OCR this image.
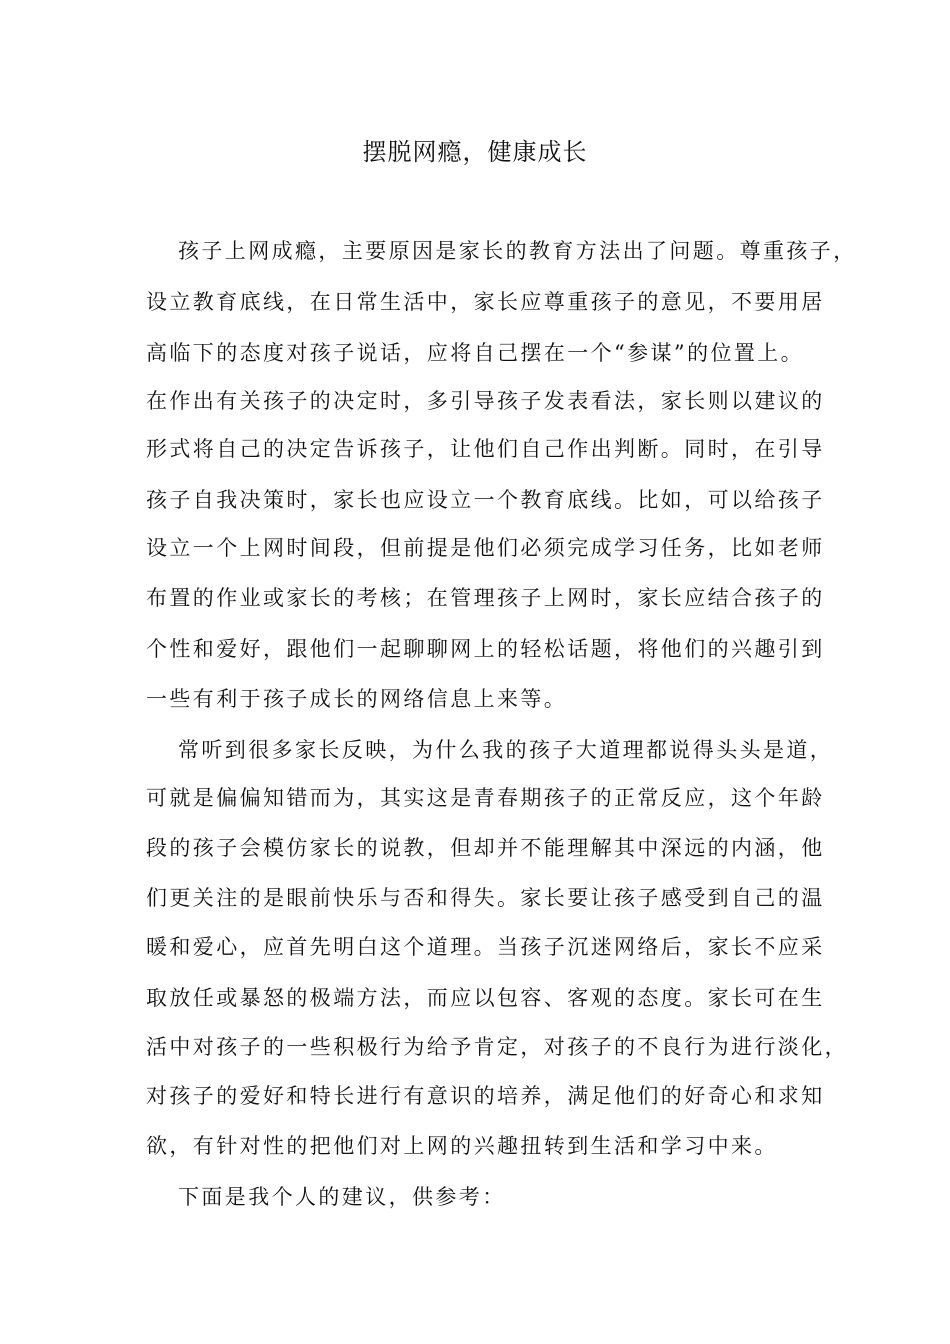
摆脱网瘾，健康成长
孩子上网成瘾，主要原因是家长的教育方法出了问题。尊重孩子，
设立教育底线，在日常生活中，家长应尊重孩子的意见，不要用居
高临下的态度对孩子说话，应将自己摆在一个“参谋”的位置上。
在作出有关孩子的决定时，多引导孩子发表看法，家长则以建议的
形式将自己的决定告诉孩子，让他们自己作出判断。同时，在引导
孩子自我决策时，家长也应设立一个教育底线。比如，可以给孩子
设立一个上网时间段，但前提是他们必须完成学习任务，比如老师
布置的作业或家长的考核；在管理孩子上网时，家长应结合孩子的
个性和爱好，跟他们一起聊聊网上的轻松话题，将他们的兴趣引到
一些有利于孩子成长的网络信息上来等。
常听到很多家长反映，为什么我的孩子大道理都说得头头是道，
可就是偏偏知错而为，其实这是青春期孩子的正常反应，这个年龄
段的孩子会模仿家长的说教，但却并不能理解其中深远的内涵，他
们更关注的是眼前快乐与否和得失。家长要让孩子感受到自己的温
暖和爱心，应首先明白这个道理。当孩子沉迷网络后，家长不应采
取放任或暴怒的极端方法，而应以包容、客观的态度。家长可在生
活中对孩子的一些积极行为给予肯定，对孩子的不良行为进行淡化，
对孩子的爱好和特长进行有意识的培养，满足他们的好奇心和求知
欲，有针对性的把他们对上网的兴趣扭转到生活和学习中来。
下面是我个人的建议，供参考：
